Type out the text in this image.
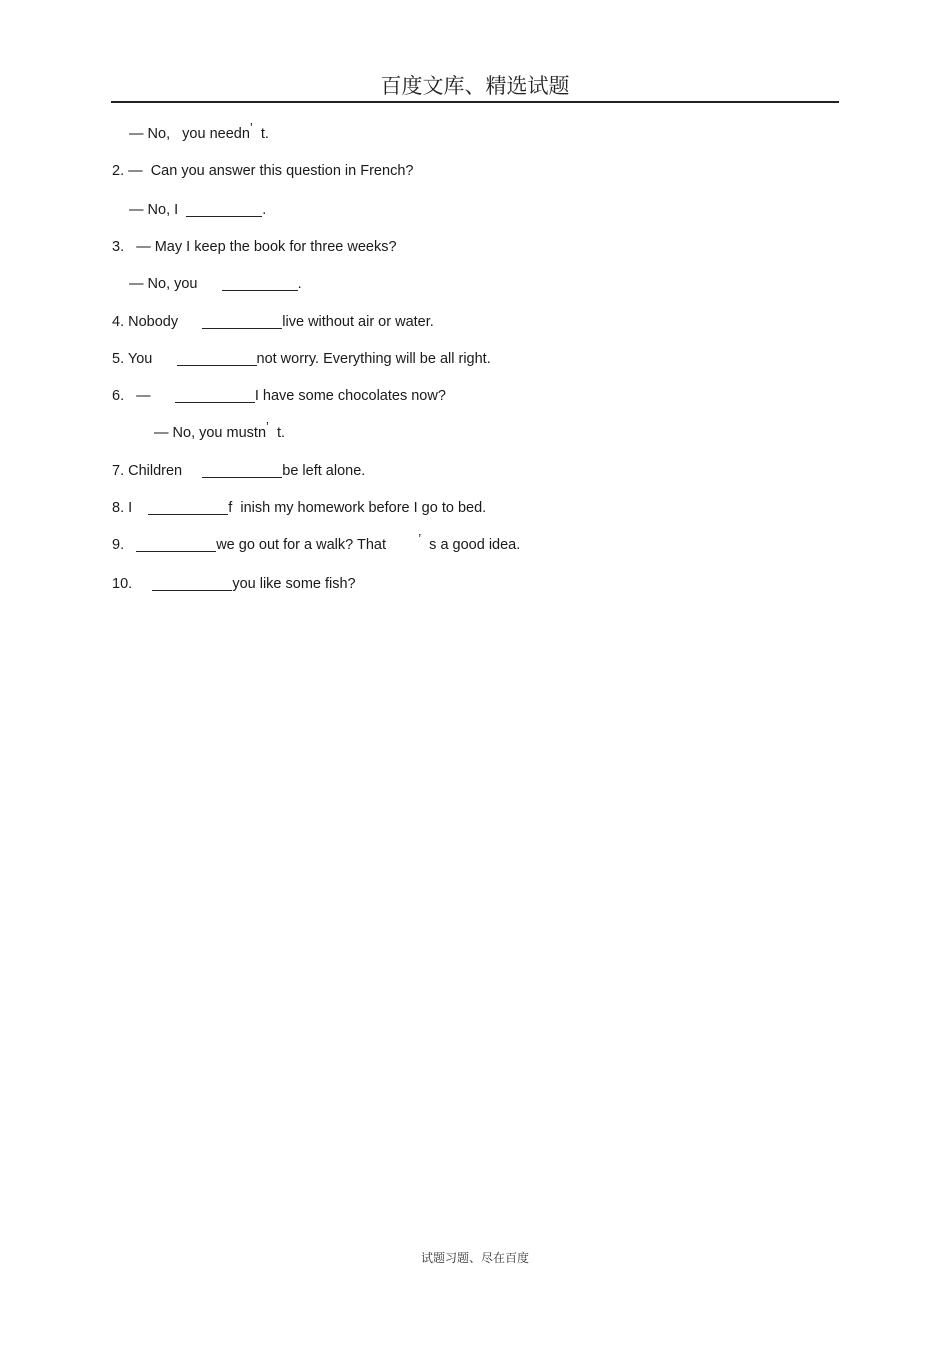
百度文库、精选试题
— No,   you needn’  t.
2. —  Can you answer this question in French?
— No, I	.
3.   — May I keep the book for three weeks?
— No, you	.
4. Nobody	live without air or water.
5. You	not worry. Everything will be all right.
6.   —	I have some chocolates now?
— No, you mustn’  t.
7. Children	be left alone.
8. I	f  inish my homework before I go to bed.
9.	we go out for a walk? That        ’  s a good idea.
10.	you like some fish?
试题习题、尽在百度
